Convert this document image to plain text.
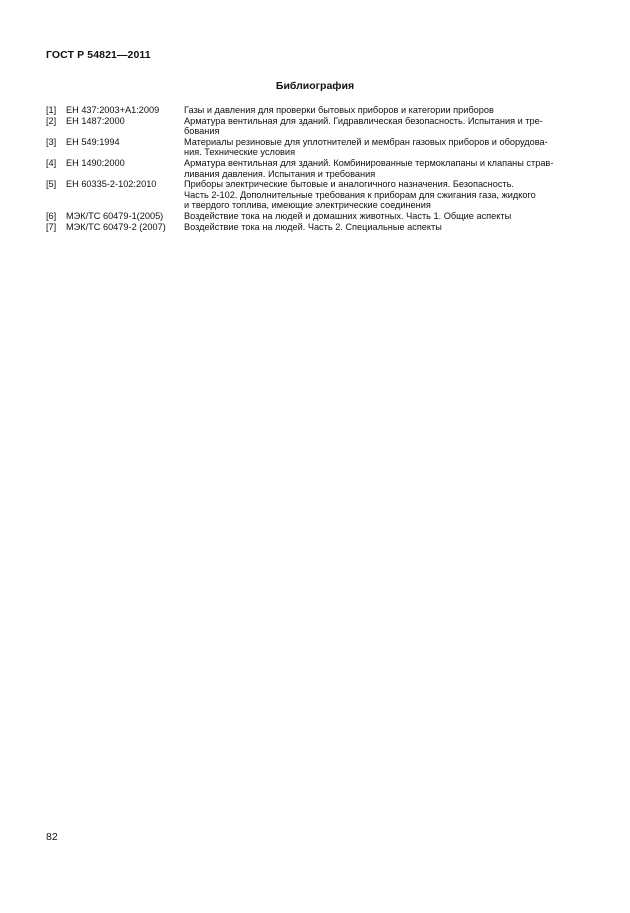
ГОСТ Р 54821—2011
Библиография
[1]	ЕН 437:2003+А1:2009	Газы и давления для проверки бытовых приборов и категории приборов
[2]	ЕН 1487:2000	Арматура вентильная для зданий. Гидравлическая безопасность. Испытания и тре-
бования
[3]	ЕН 549:1994	Материалы резиновые для уплотнителей и мембран газовых приборов и оборудова-
ния. Технические условия
[4]	ЕН 1490:2000	Арматура вентильная для зданий. Комбинированные термоклапаны и клапаны страв-
ливания давления. Испытания и требования
[5]	ЕН 60335-2-102:2010	Приборы электрические бытовые и аналогичного назначения. Безопасность.
Часть 2-102. Дополнительные требования к приборам для сжигания газа, жидкого
и твердого топлива, имеющие электрические соединения
[6]	МЭК/ТС 60479-1(2005)	Воздействие тока на людей и домашних животных. Часть 1. Общие аспекты
[7]	МЭК/ТС 60479-2 (2007)	Воздействие тока на людей. Часть 2. Специальные аспекты
82
